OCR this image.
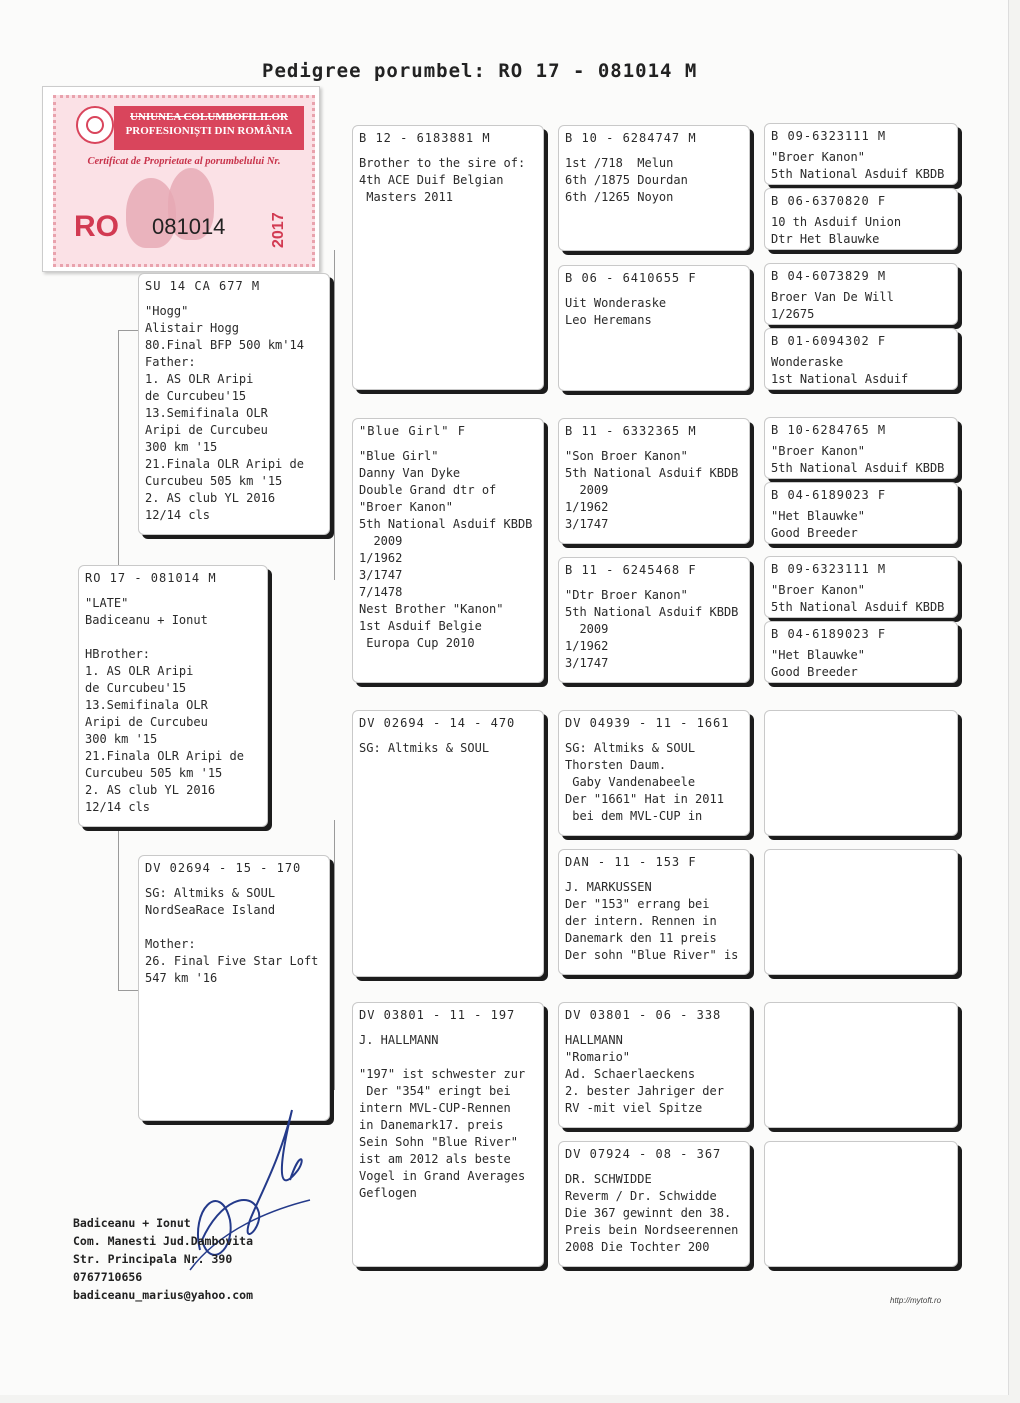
Pedigree porumbel: RO 17 - 081014 M
UNIUNEA COLUMBOFILILOR
PROFESIONIȘTI DIN ROMÂNIA
Certificat de Proprietate al porumbelului Nr.
RO 081014	2017
RO 17 - 081014 M
"LATE"
Badiceanu + Ionut

HBrother:
1. AS OLR Aripi
de Curcubeu'15
13.Semifinala OLR
Aripi de Curcubeu
300 km '15
21.Finala OLR Aripi de
Curcubeu 505 km '15
2. AS club YL 2016
12/14 cls
SU 14 CA 677 M
"Hogg"
Alistair Hogg
80.Final BFP 500 km'14
Father:
1. AS OLR Aripi
de Curcubeu'15
13.Semifinala OLR
Aripi de Curcubeu
300 km '15
21.Finala OLR Aripi de
Curcubeu 505 km '15
2. AS club YL 2016
12/14 cls
DV 02694 - 15 - 170
SG: Altmiks & SOUL
NordSeaRace Island

Mother:
26. Final Five Star Loft
547 km '16
B 12 - 6183881 M
Brother to the sire of:
4th ACE Duif Belgian
Masters 2011
"Blue Girl" F
"Blue Girl"
Danny Van Dyke
Double Grand dtr of
"Broer Kanon"
5th National Asduif KBDB
2009
1/1962
3/1747
7/1478
Nest Brother "Kanon"
1st Asduif Belgie
Europa Cup 2010
DV 02694 - 14 - 470
SG: Altmiks & SOUL
DV 03801 - 11 - 197
J. HALLMANN

"197" ist schwester zur
Der "354" eringt bei
intern MVL-CUP-Rennen
in Danemark17. preis
Sein Sohn "Blue River"
ist am 2012 als beste
Vogel in Grand Averages
Geflogen
B 10 - 6284747 M
1st /718  Melun
6th /1875 Dourdan
6th /1265 Noyon
B 06 - 6410655 F
Uit Wonderaske
Leo Heremans
B 11 - 6332365 M
"Son Broer Kanon"
5th National Asduif KBDB
2009
1/1962
3/1747
B 11 - 6245468 F
"Dtr Broer Kanon"
5th National Asduif KBDB
2009
1/1962
3/1747
DV 04939 - 11 - 1661
SG: Altmiks & SOUL
Thorsten Daum.
Gaby Vandenabeele
Der "1661" Hat in 2011
bei dem MVL-CUP in
DAN - 11 - 153 F
J. MARKUSSEN
Der "153" errang bei
der intern. Rennen in
Danemark den 11 preis
Der sohn "Blue River" is
DV 03801 - 06 - 338
HALLMANN
"Romario"
Ad. Schaerlaeckens
2. bester Jahriger der
RV -mit viel Spitze
DV 07924 - 08 - 367
DR. SCHWIDDE
Reverm / Dr. Schwidde
Die 367 gewinnt den 38.
Preis bein Nordseerennen
2008 Die Tochter 200
B 09-6323111 M
"Broer Kanon"
5th National Asduif KBDB
B 06-6370820 F
10 th Asduif Union
Dtr Het Blauwke
B 04-6073829 M
Broer Van De Will
1/2675
B 01-6094302 F
Wonderaske
1st National Asduif
B 10-6284765 M
"Broer Kanon"
5th National Asduif KBDB
B 04-6189023 F
"Het Blauwke"
Good Breeder
B 09-6323111 M
"Broer Kanon"
5th National Asduif KBDB
B 04-6189023 F
"Het Blauwke"
Good Breeder
Badiceanu + Ionut
Com. Manesti Jud.Dambovita
Str. Principala Nr. 390
0767710656
badiceanu_marius@yahoo.com	http://mytoft.ro
